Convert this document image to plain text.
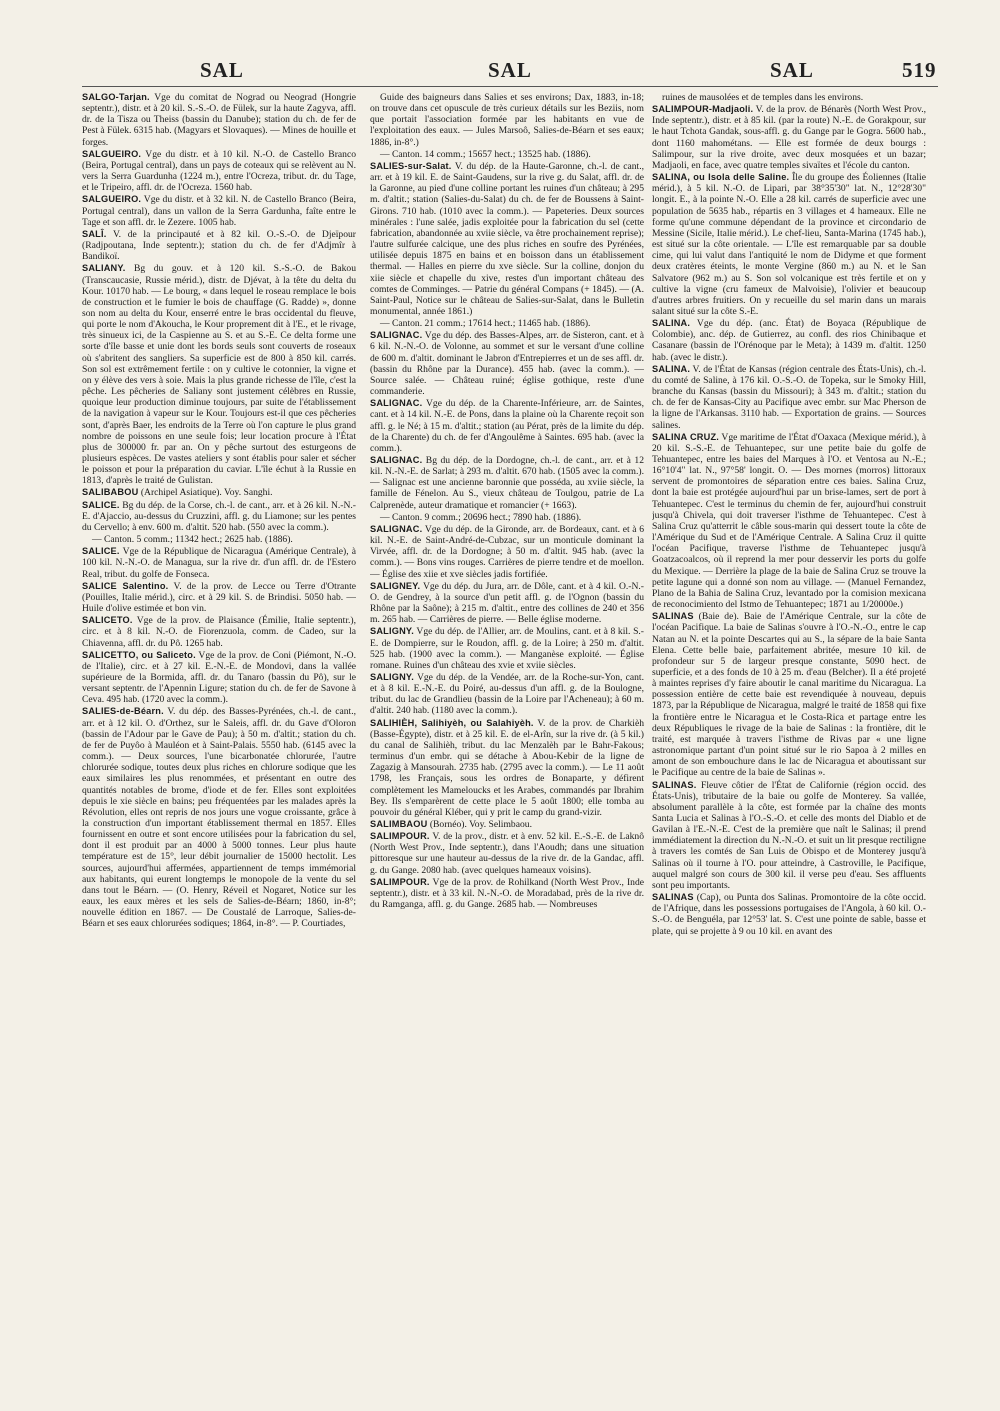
SAL	SAL	SAL	519

SALGO-Tarjan. Vge du comitat de Nograd ou Neograd (Hongrie septentr.), distr. et à 20 kil. S.-S.-O. de Fülek, sur la haute Zagyva, affl. dr. de la Tisza ou Theiss (bassin du Danube); station du ch. de fer de Pest à Fülek. 6315 hab. (Magyars et Slovaques). — Mines de houille et forges.

SALGUEIRO. Vge du distr. et à 10 kil. N.-O. de Castello Branco (Beira, Portugal central), dans un pays de coteaux qui se relèvent au N. vers la Serra Guardunha (1224 m.), entre l'Ocreza, tribut. dr. du Tage, et le Tripeiro, affl. dr. de l'Ocreza. 1560 hab.

SALGUEIRO. Vge du distr. et à 32 kil. N. de Castello Branco (Beira, Portugal central), dans un vallon de la Serra Gardunha, faîte entre le Tage et son affl. dr. le Zezere. 1005 hab.

SALÎ. V. de la principauté et à 82 kil. O.-S.-O. de Djeïpour (Radjpoutana, Inde septentr.); station du ch. de fer d'Adjmîr à Bandikoï.

SALIANY. Bg du gouv. et à 120 kil. S.-S.-O. de Bakou (Transcaucasie, Russie mérid.), distr. de Djévat, à la tête du delta du Kour. 10170 hab. — Le bourg, « dans lequel le roseau remplace le bois de construction et le fumier le bois de chauffage (G. Radde) », donne son nom au delta du Kour, enserré entre le bras occidental du fleuve, qui porte le nom d'Akoucha, le Kour proprement dit à l'E., et le rivage, très sinueux ici, de la Caspienne au S. et au S.-E. Ce delta forme une sorte d'île basse et unie dont les bords seuls sont couverts de roseaux où s'abritent des sangliers. Sa superficie est de 800 à 850 kil. carrés. Son sol est extrêmement fertile : on y cultive le cotonnier, la vigne et on y élève des vers à soie. Mais la plus grande richesse de l'île, c'est la pêche. Les pêcheries de Saliany sont justement célèbres en Russie, quoique leur production diminue toujours, par suite de l'établissement de la navigation à vapeur sur le Kour. Toujours est-il que ces pêcheries sont, d'après Baer, les endroits de la Terre où l'on capture le plus grand nombre de poissons en une seule fois; leur location procure à l'État plus de 300000 fr. par an. On y pêche surtout des esturgeons de plusieurs espèces. De vastes ateliers y sont établis pour saler et sécher le poisson et pour la préparation du caviar. L'île échut à la Russie en 1813, d'après le traité de Gulistan.

SALIBABOU (Archipel Asiatique). Voy. Sanghi.

SALICE. Bg du dép. de la Corse, ch.-l. de cant., arr. et à 26 kil. N.-N.-E. d'Ajaccio, au-dessus du Cruzzini, affl. g. du Liamone; sur les pentes du Cervello; à env. 600 m. d'altit. 520 hab. (550 avec la comm.).

— Canton. 5 comm.; 11342 hect.; 2625 hab. (1886).

SALICE. Vge de la République de Nicaragua (Amérique Centrale), à 100 kil. N.-N.-O. de Managua, sur la rive dr. d'un affl. dr. de l'Estero Real, tribut. du golfe de Fonseca.

SALICE Salentino. V. de la prov. de Lecce ou Terre d'Otrante (Pouilles, Italie mérid.), circ. et à 29 kil. S. de Brindisi. 5050 hab. — Huile d'olive estimée et bon vin.

SALICETO. Vge de la prov. de Plaisance (Émilie, Italie septentr.), circ. et à 8 kil. N.-O. de Fiorenzuola, comm. de Cadeo, sur la Chiavenna, affl. dr. du Pô. 1265 hab.

SALICETTO, ou Saliceto. Vge de la prov. de Coni (Piémont, N.-O. de l'Italie), circ. et à 27 kil. E.-N.-E. de Mondovi, dans la vallée supérieure de la Bormida, affl. dr. du Tanaro (bassin du Pô), sur le versant septentr. de l'Apennin Ligure; station du ch. de fer de Savone à Ceva. 495 hab. (1720 avec la comm.).

SALIES-de-Béarn. V. du dép. des Basses-Pyrénées, ch.-l. de cant., arr. et à 12 kil. O. d'Orthez, sur le Saleis, affl. dr. du Gave d'Oloron (bassin de l'Adour par le Gave de Pau); à 50 m. d'altit.; station du ch. de fer de Puyôo à Mauléon et à Saint-Palais. 5550 hab. (6145 avec la comm.). — Deux sources, l'une bicarbonatée chlorurée, l'autre chlorurée sodique, toutes deux plus riches en chlorure sodique que les eaux similaires les plus renommées, et présentant en outre des quantités notables de brome, d'iode et de fer. Elles sont exploitées depuis le xie siècle en bains; peu fréquentées par les malades après la Révolution, elles ont repris de nos jours une vogue croissante, grâce à la construction d'un important établissement thermal en 1857. Elles fournissent en outre et sont encore utilisées pour la fabrication du sel, dont il est produit par an 4000 à 5000 tonnes. Leur plus haute température est de 15°, leur débit journalier de 15000 hectolit. Les sources, aujourd'hui affermées, appartiennent de temps immémorial aux habitants, qui eurent longtemps le monopole de la vente du sel dans tout le Béarn. — (O. Henry, Réveil et Nogaret, Notice sur les eaux, les eaux mères et les sels de Salies-de-Béarn; 1860, in-8°; nouvelle édition en 1867. — De Coustalé de Larroque, Salies-de-Béarn et ses eaux chlorurées sodiques; 1864, in-8°. — P. Courtiades,

Guide des baigneurs dans Salies et ses environs; Dax, 1883, in-18; on trouve dans cet opuscule de très curieux détails sur les Beziis, nom que portait l'association formée par les habitants en vue de l'exploitation des eaux. — Jules Marsoô, Salies-de-Béarn et ses eaux; 1886, in-8°.)

— Canton. 14 comm.; 15657 hect.; 13525 hab. (1886).

SALIES-sur-Salat. V. du dép. de la Haute-Garonne, ch.-l. de cant., arr. et à 19 kil. E. de Saint-Gaudens, sur la rive g. du Salat, affl. dr. de la Garonne, au pied d'une colline portant les ruines d'un château; à 295 m. d'altit.; station (Salies-du-Salat) du ch. de fer de Boussens à Saint-Girons. 710 hab. (1010 avec la comm.). — Papeteries. Deux sources minérales : l'une salée, jadis exploitée pour la fabrication du sel (cette fabrication, abandonnée au xviie siècle, va être prochainement reprise); l'autre sulfurée calcique, une des plus riches en soufre des Pyrénées, utilisée depuis 1875 en bains et en boisson dans un établissement thermal. — Halles en pierre du xve siècle. Sur la colline, donjon du xiie siècle et chapelle du xive, restes d'un important château des comtes de Comminges. — Patrie du général Compans (+ 1845). — (A. Saint-Paul, Notice sur le château de Salies-sur-Salat, dans le Bulletin monumental, année 1861.)

— Canton. 21 comm.; 17614 hect.; 11465 hab. (1886).

SALIGNAC. Vge du dép. des Basses-Alpes, arr. de Sisteron, cant. et à 6 kil. N.-N.-O. de Volonne, au sommet et sur le versant d'une colline de 600 m. d'altit. dominant le Jabron d'Entrepierres et un de ses affl. dr. (bassin du Rhône par la Durance). 455 hab. (avec la comm.). — Source salée. — Château ruiné; église gothique, reste d'une commanderie.

SALIGNAC. Vge du dép. de la Charente-Inférieure, arr. de Saintes, cant. et à 14 kil. N.-E. de Pons, dans la plaine où la Charente reçoit son affl. g. le Né; à 15 m. d'altit.; station (au Pérat, près de la limite du dép. de la Charente) du ch. de fer d'Angoulême à Saintes. 695 hab. (avec la comm.).

SALIGNAC. Bg du dép. de la Dordogne, ch.-l. de cant., arr. et à 12 kil. N.-N.-E. de Sarlat; à 293 m. d'altit. 670 hab. (1505 avec la comm.). — Salignac est une ancienne baronnie que posséda, au xviie siècle, la famille de Fénelon. Au S., vieux château de Toulgou, patrie de La Calprenède, auteur dramatique et romancier (+ 1663).

— Canton. 9 comm.; 20696 hect.; 7890 hab. (1886).

SALIGNAC. Vge du dép. de la Gironde, arr. de Bordeaux, cant. et à 6 kil. N.-E. de Saint-André-de-Cubzac, sur un monticule dominant la Virvée, affl. dr. de la Dordogne; à 50 m. d'altit. 945 hab. (avec la comm.). — Bons vins rouges. Carrières de pierre tendre et de moellon. — Église des xiie et xve siècles jadis fortifiée.

SALIGNEY. Vge du dép. du Jura, arr. de Dôle, cant. et à 4 kil. O.-N.-O. de Gendrey, à la source d'un petit affl. g. de l'Ognon (bassin du Rhône par la Saône); à 215 m. d'altit., entre des collines de 240 et 356 m. 265 hab. — Carrières de pierre. — Belle église moderne.

SALIGNY. Vge du dép. de l'Allier, arr. de Moulins, cant. et à 8 kil. S.-E. de Dompierre, sur le Roudon, affl. g. de la Loire; à 250 m. d'altit. 525 hab. (1900 avec la comm.). — Manganèse exploité. — Église romane. Ruines d'un château des xvie et xviie siècles.

SALIGNY. Vge du dép. de la Vendée, arr. de la Roche-sur-Yon, cant. et à 8 kil. E.-N.-E. du Poiré, au-dessus d'un affl. g. de la Boulogne, tribut. du lac de Grandlieu (bassin de la Loire par l'Acheneau); à 60 m. d'altit. 240 hab. (1180 avec la comm.).

SALIHIÈH, Salihiyèh, ou Salahiyèh. V. de la prov. de Charkièh (Basse-Égypte), distr. et à 25 kil. E. de el-Arîn, sur la rive dr. (à 5 kil.) du canal de Salihièh, tribut. du lac Menzalèh par le Bahr-Fakous; terminus d'un embr. qui se détache à Abou-Kebir de la ligne de Zagazig à Mansourah. 2735 hab. (2795 avec la comm.). — Le 11 août 1798, les Français, sous les ordres de Bonaparte, y défirent complètement les Mameloucks et les Arabes, commandés par Ibrahim Bey. Ils s'emparèrent de cette place le 5 août 1800; elle tomba au pouvoir du général Kléber, qui y prit le camp du grand-vizir.

SALIMBAOU (Bornéo). Voy. Selimbaou.

SALIMPOUR. V. de la prov., distr. et à env. 52 kil. E.-S.-E. de Laknô (North West Prov., Inde septentr.), dans l'Aoudh; dans une situation pittoresque sur une hauteur au-dessus de la rive dr. de la Gandac, affl. g. du Gange. 2080 hab. (avec quelques hameaux voisins).

SALIMPOUR. Vge de la prov. de Rohilkand (North West Prov., Inde septentr.), distr. et à 33 kil. N.-N.-O. de Moradabad, près de la rive dr. du Ramganga, affl. g. du Gange. 2685 hab. — Nombreuses

ruines de mausolées et de temples dans les environs.

SALIMPOUR-Madjaoli. V. de la prov. de Bénarès (North West Prov., Inde septentr.), distr. et à 85 kil. (par la route) N.-E. de Gorakpour, sur le haut Tchota Gandak, sous-affl. g. du Gange par le Gogra. 5600 hab., dont 1160 mahométans. — Elle est formée de deux bourgs : Salimpour, sur la rive droite, avec deux mosquées et un bazar; Madjaoli, en face, avec quatre temples sivaïtes et l'école du canton.

SALINA, ou Isola delle Saline. Île du groupe des Éoliennes (Italie mérid.), à 5 kil. N.-O. de Lipari, par 38°35'30" lat. N., 12°28'30" longit. E., à la pointe N.-O. Elle a 28 kil. carrés de superficie avec une population de 5635 hab., répartis en 3 villages et 4 hameaux. Elle ne forme qu'une commune dépendant de la province et circondario de Messine (Sicile, Italie mérid.). Le chef-lieu, Santa-Marina (1745 hab.), est situé sur la côte orientale. — L'île est remarquable par sa double cime, qui lui valut dans l'antiquité le nom de Didyme et que forment deux cratères éteints, le monte Vergine (860 m.) au N. et le San Salvatore (962 m.) au S. Son sol volcanique est très fertile et on y cultive la vigne (cru fameux de Malvoisie), l'olivier et beaucoup d'autres arbres fruitiers. On y recueille du sel marin dans un marais salant situé sur la côte S.-E.

SALINA. Vge du dép. (anc. État) de Boyaca (République de Colombie), anc. dép. de Gutierrez, au confl. des rios Chinibaque et Casanare (bassin de l'Orénoque par le Meta); à 1439 m. d'altit. 1250 hab. (avec le distr.).

SALINA. V. de l'État de Kansas (région centrale des États-Unis), ch.-l. du comté de Saline, à 176 kil. O.-S.-O. de Topeka, sur le Smoky Hill, branche du Kansas (bassin du Missouri); à 343 m. d'altit.; station du ch. de fer de Kansas-City au Pacifique avec embr. sur Mac Pherson de la ligne de l'Arkansas. 3110 hab. — Exportation de grains. — Sources salines.

SALINA CRUZ. Vge maritime de l'État d'Oaxaca (Mexique mérid.), à 20 kil. S.-S.-E. de Tehuantepec, sur une petite baie du golfe de Tehuantepec, entre les baies del Marques à l'O. et Ventosa au N.-E.; 16°10'4" lat. N., 97°58' longit. O. — Des mornes (morros) littoraux servent de promontoires de séparation entre ces baies. Salina Cruz, dont la baie est protégée aujourd'hui par un brise-lames, sert de port à Tehuantepec. C'est le terminus du chemin de fer, aujourd'hui construit jusqu'à Chivela, qui doit traverser l'isthme de Tehuantepec. C'est à Salina Cruz qu'atterrit le câble sous-marin qui dessert toute la côte de l'Amérique du Sud et de l'Amérique Centrale. A Salina Cruz il quitte l'océan Pacifique, traverse l'isthme de Tehuantepec jusqu'à Goatzacoalcos, où il reprend la mer pour desservir les ports du golfe du Mexique. — Derrière la plage de la baie de Salina Cruz se trouve la petite lagune qui a donné son nom au village. — (Manuel Fernandez, Plano de la Bahia de Salina Cruz, levantado por la comision mexicana de reconocimiento del Istmo de Tehuantepec; 1871 au 1/20000e.)

SALINAS (Baie de). Baie de l'Amérique Centrale, sur la côte de l'océan Pacifique. La baie de Salinas s'ouvre à l'O.-N.-O., entre le cap Natan au N. et la pointe Descartes qui au S., la sépare de la baie Santa Elena. Cette belle baie, parfaitement abritée, mesure 10 kil. de profondeur sur 5 de largeur presque constante, 5090 hect. de superficie, et a des fonds de 10 à 25 m. d'eau (Belcher). Il a été projeté à maintes reprises d'y faire aboutir le canal maritime du Nicaragua. La possession entière de cette baie est revendiquée à nouveau, depuis 1873, par la République de Nicaragua, malgré le traité de 1858 qui fixe la frontière entre le Nicaragua et le Costa-Rica et partage entre les deux Républiques le rivage de la baie de Salinas : la frontière, dit le traité, est marquée à travers l'isthme de Rivas par « une ligne astronomique partant d'un point situé sur le rio Sapoa à 2 milles en amont de son embouchure dans le lac de Nicaragua et aboutissant sur le Pacifique au centre de la baie de Salinas ».

SALINAS. Fleuve côtier de l'État de Californie (région occid. des États-Unis), tributaire de la baie ou golfe de Monterey. Sa vallée, absolument parallèle à la côte, est formée par la chaîne des monts Santa Lucia et Salinas à l'O.-S.-O. et celle des monts del Diablo et de Gavilan à l'E.-N.-E. C'est de la première que naît le Salinas; il prend immédiatement la direction du N.-N.-O. et suit un lit presque rectiligne à travers les comtés de San Luis de Obispo et de Monterey jusqu'à Salinas où il tourne à l'O. pour atteindre, à Castroville, le Pacifique, auquel malgré son cours de 300 kil. il verse peu d'eau. Ses affluents sont peu importants.

SALINAS (Cap), ou Punta dos Salinas. Promontoire de la côte occid. de l'Afrique, dans les possessions portugaises de l'Angola, à 60 kil. O.-S.-O. de Benguéla, par 12°53' lat. S. C'est une pointe de sable, basse et plate, qui se projette à 9 ou 10 kil. en avant des
